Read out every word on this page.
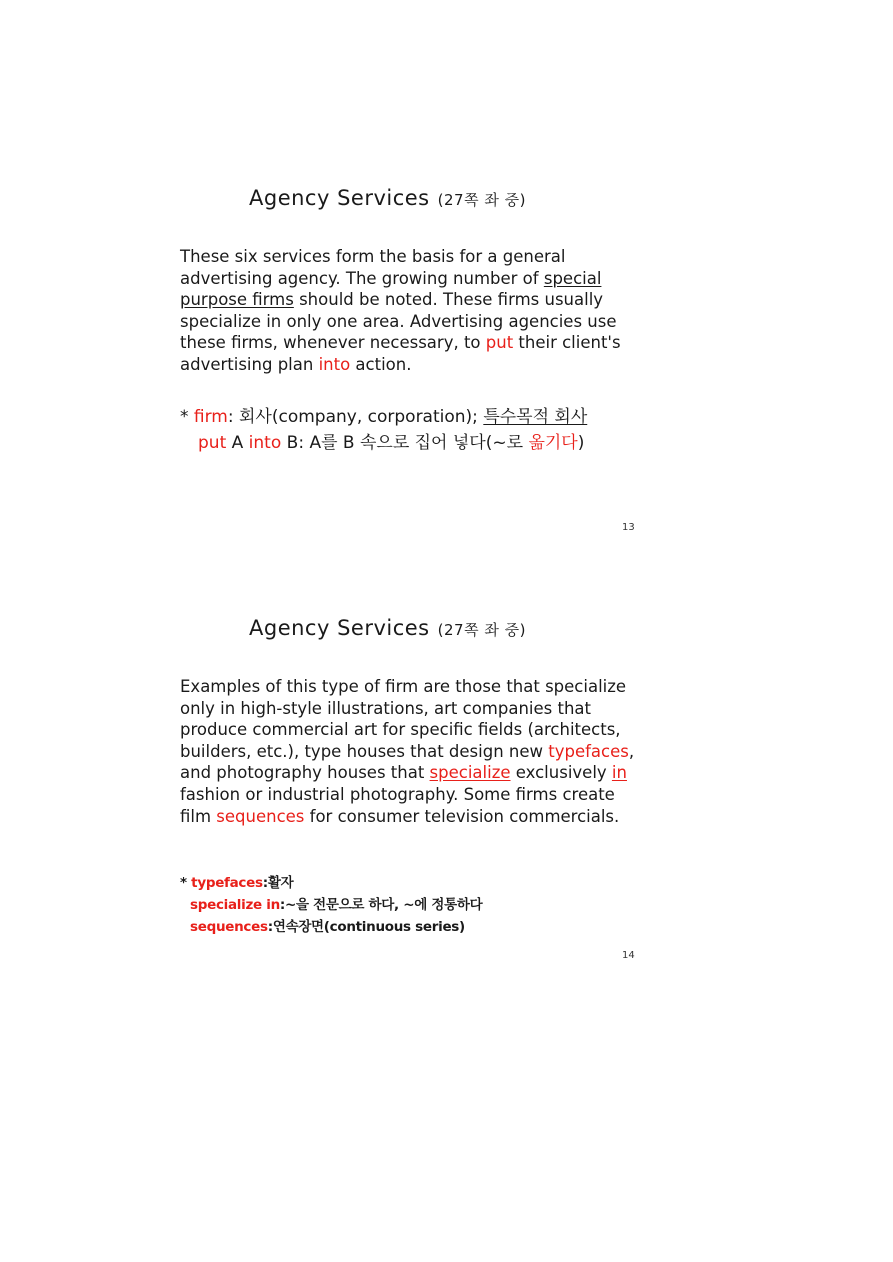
Agency Services (27쪽 좌 중)

These six services form the basis for a general advertising agency. The growing number of special purpose firms should be noted. These firms usually specialize in only one area. Advertising agencies use these firms, whenever necessary, to put their client's advertising plan into action.

* firm: 회사(company, corporation); 특수목적 회사
put A into B: A를 B 속으로 집어 넣다(~로 옮기다)
13
Agency Services (27쪽 좌 중)

Examples of this type of firm are those that specialize only in high-style illustrations, art companies that produce commercial art for specific fields (architects, builders, etc.), type houses that design new typefaces, and photography houses that specialize exclusively in fashion or industrial photography. Some firms create film sequences for consumer television commercials.

* typefaces:활자
specialize in:~을 전문으로 하다, ~에 정통하다
sequences:연속장면(continuous series)
14
